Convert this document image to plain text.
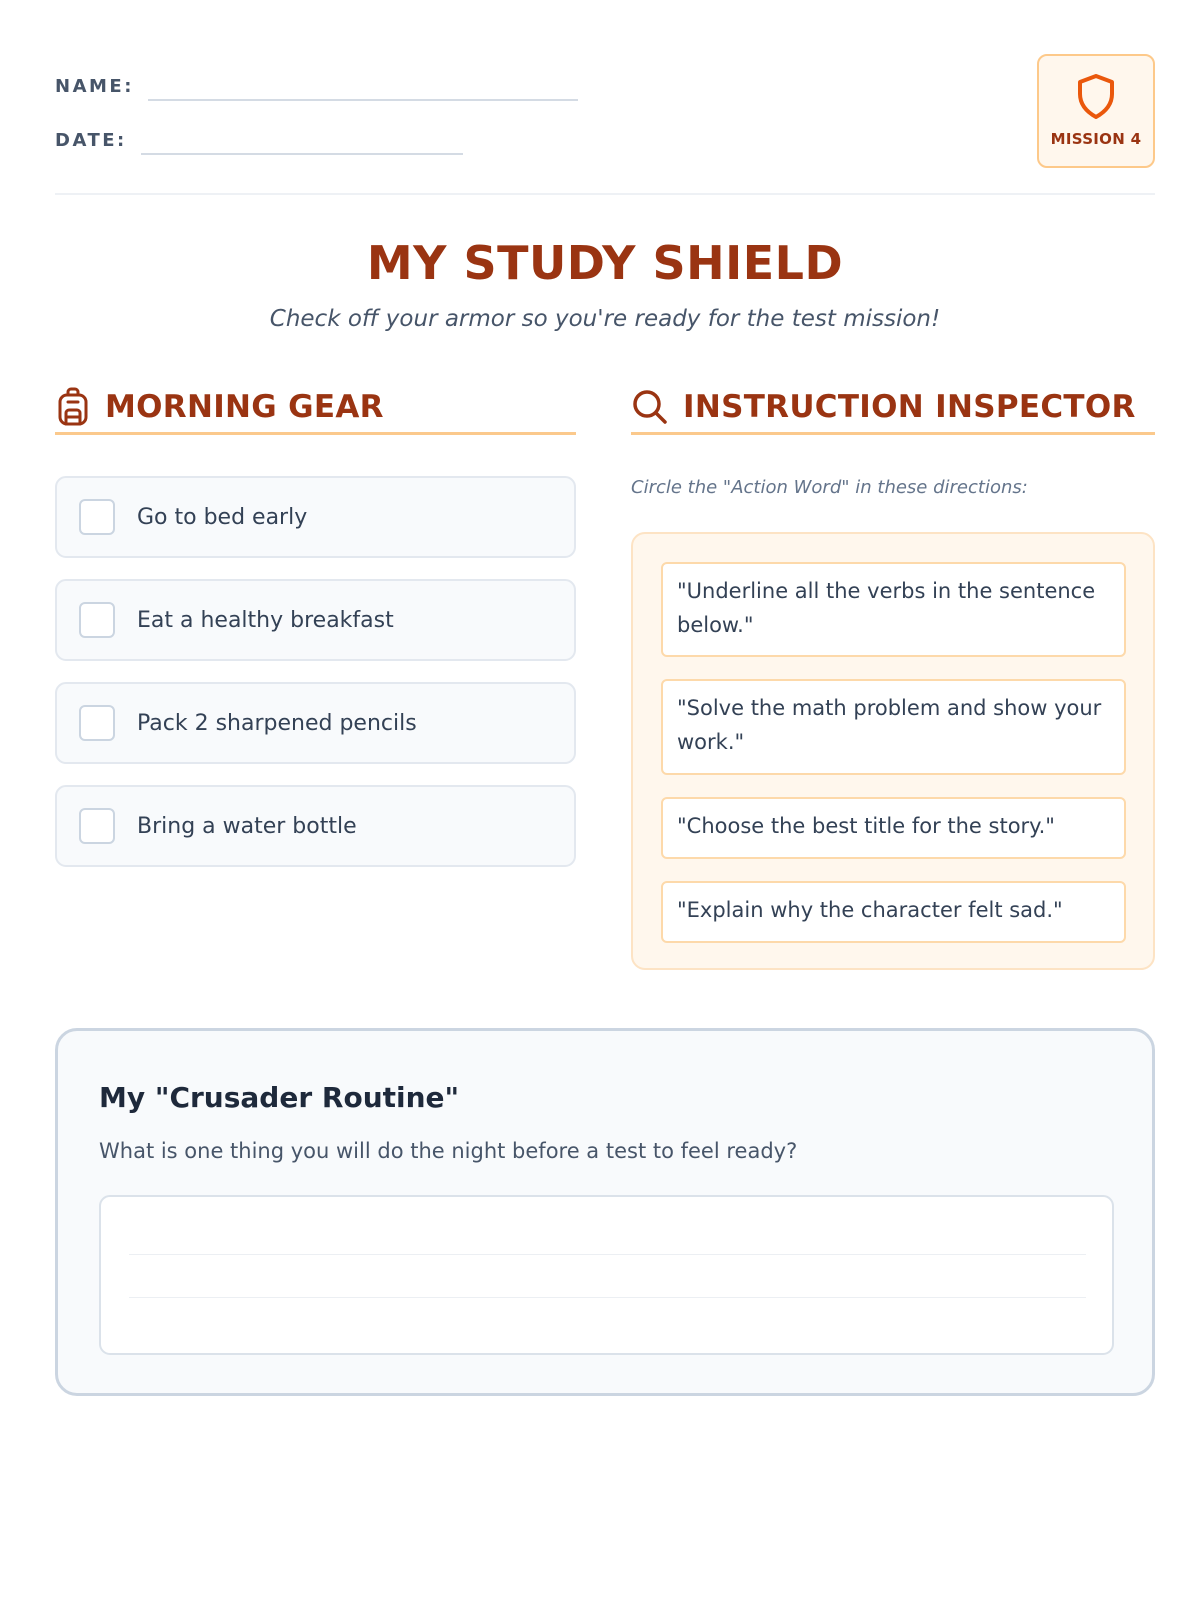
NAME:
DATE:	MISSION 4
MY STUDY SHIELD
Check off your armor so you're ready for the test mission!
MORNING GEAR
Go to bed early
Eat a healthy breakfast
Pack 2 sharpened pencils
Bring a water bottle
INSTRUCTION INSPECTOR
Circle the "Action Word" in these directions:
"Underline all the verbs in the sentence below."
"Solve the math problem and show your work."
"Choose the best title for the story."
"Explain why the character felt sad."
My "Crusader Routine"
What is one thing you will do the night before a test to feel ready?
